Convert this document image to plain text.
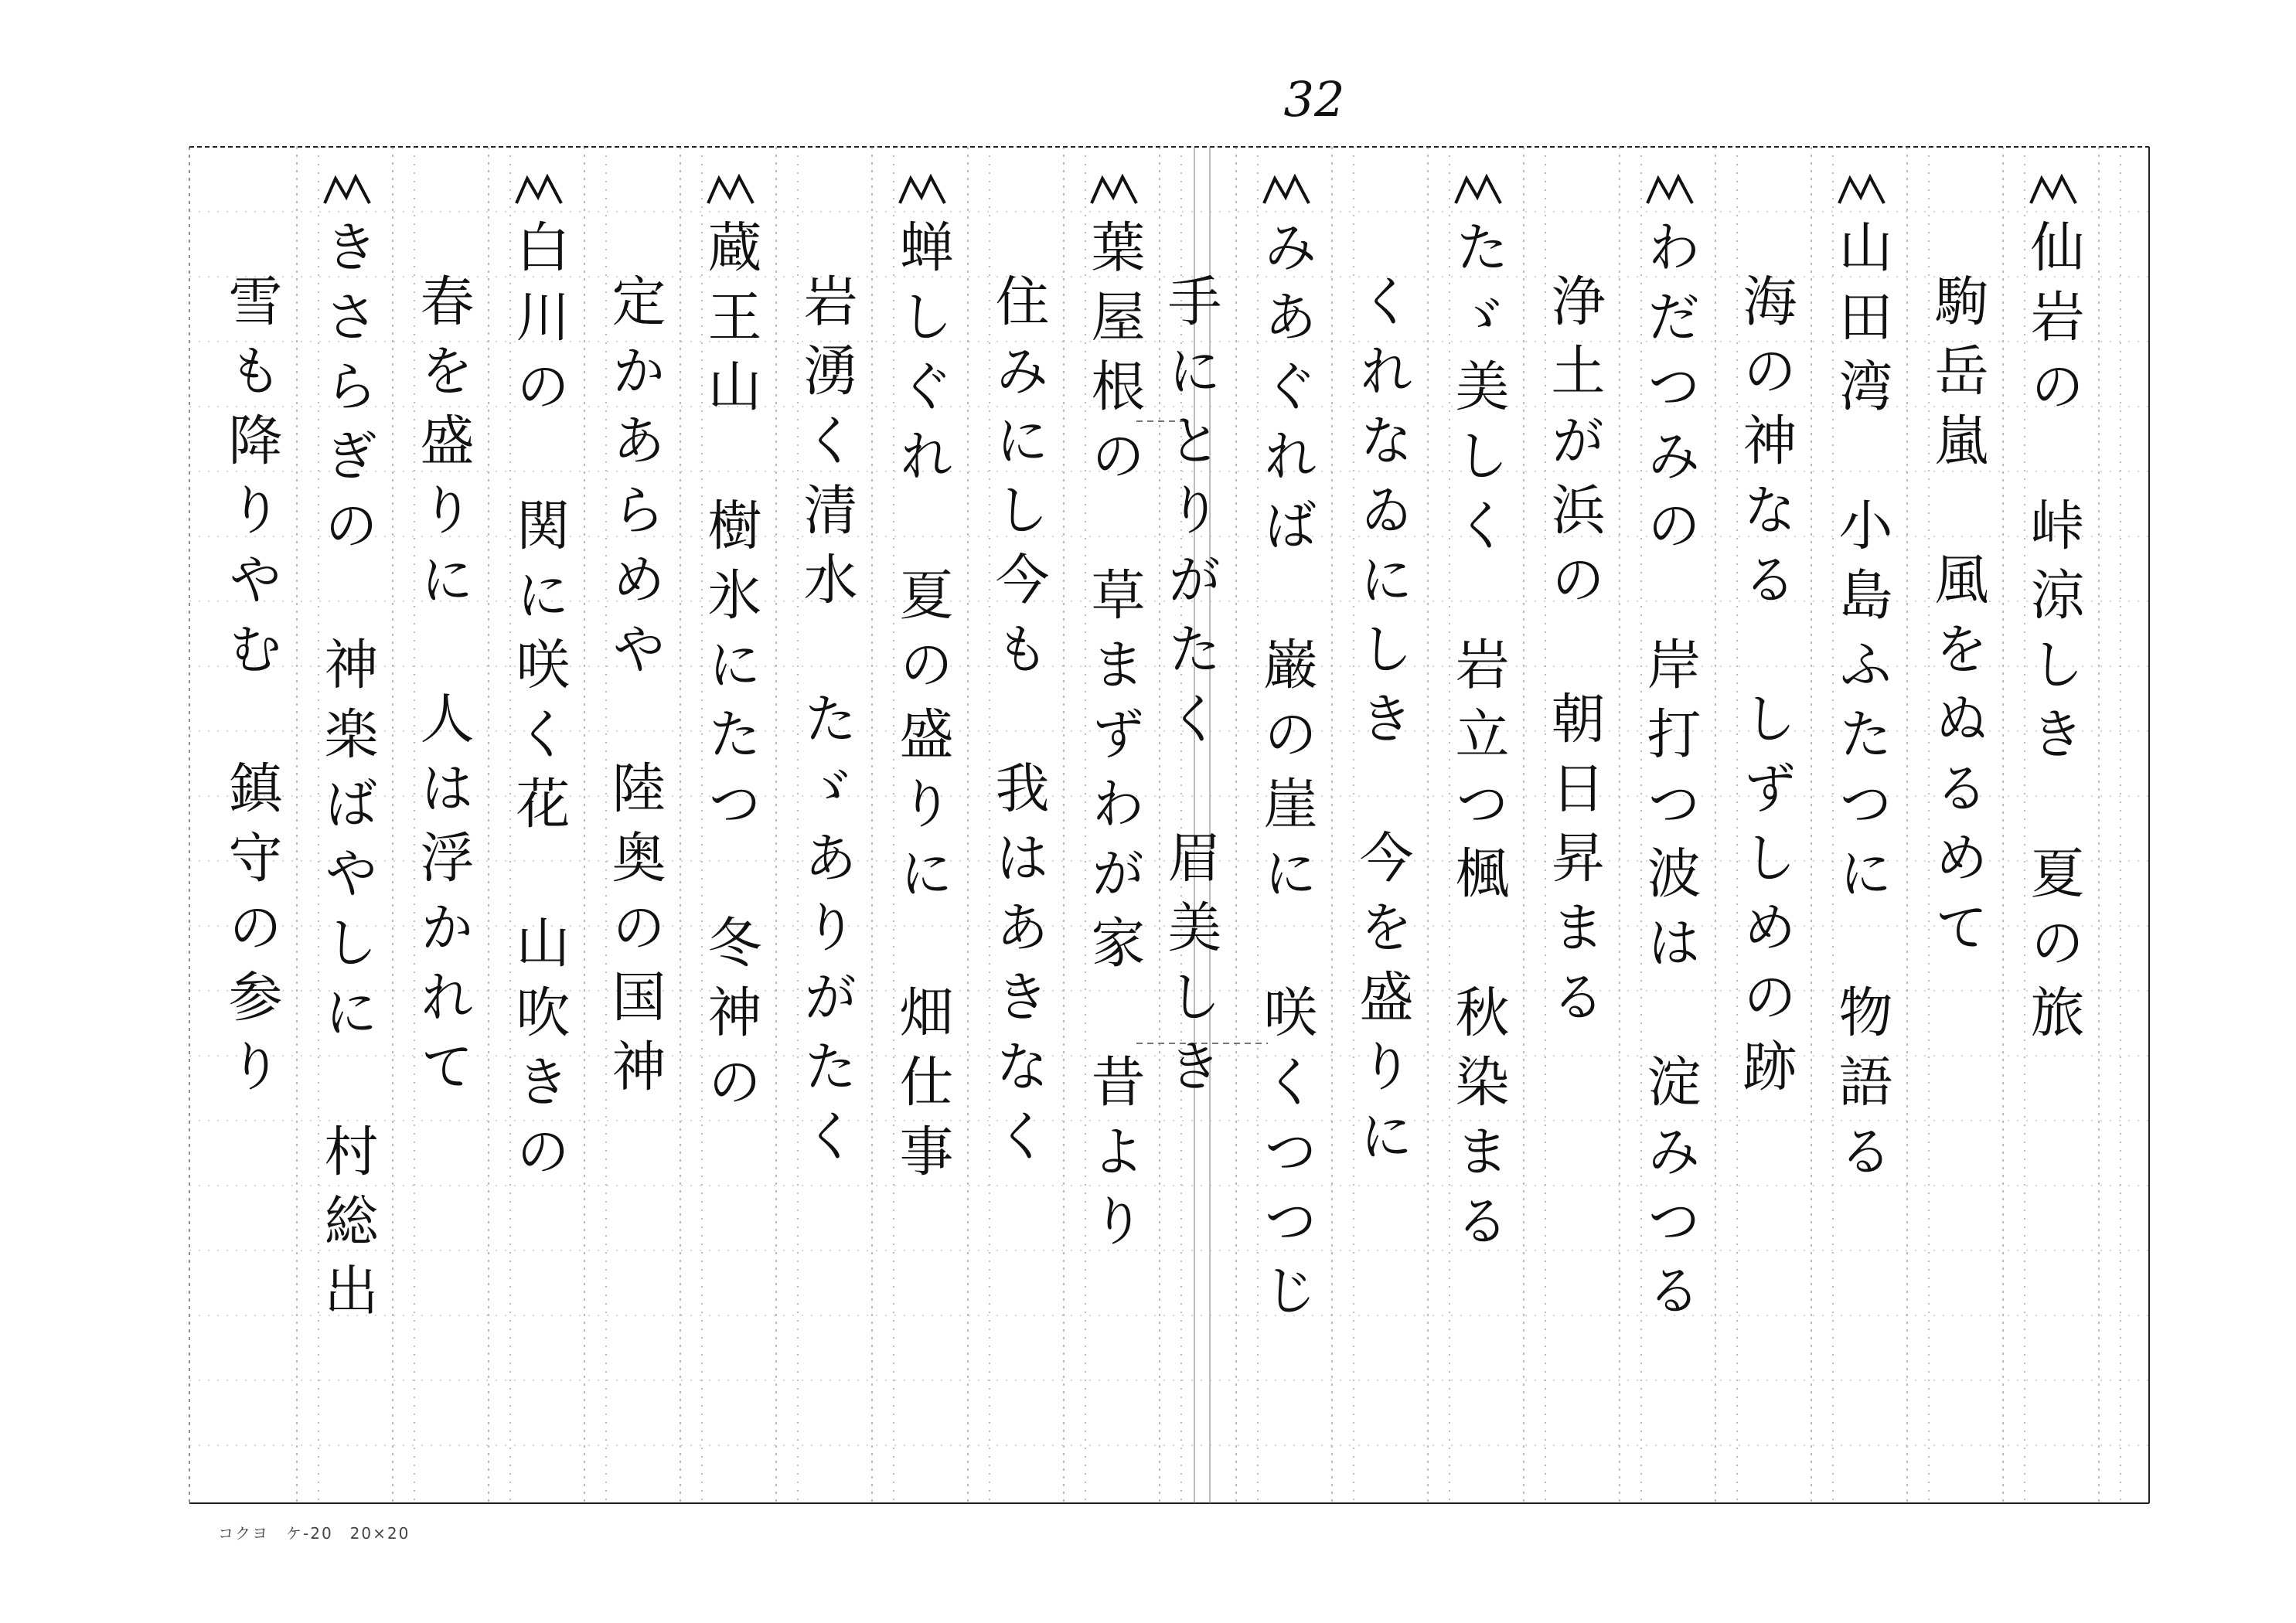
32
仙岩の　峠涼しき　夏の旅
駒岳嵐　風をぬるめて
山田湾　小島ふたつに　物語る
海の神なる　しずしめの跡
わだつみの　岸打つ波は　淀みつる
浄土が浜の　朝日昇まる
たゞ美しく　岩立つ楓　秋染まる
くれなゐにしき　今を盛りに
みあぐれば　巌の崖に　咲くつつじ
手にとりがたく　眉美しき
葉屋根の　草まずわが家　昔より
住みにし今も　我はあきなく
蝉しぐれ　夏の盛りに　畑仕事
岩湧く清水　たゞありがたく
蔵王山　樹氷にたつ　冬神の
定かあらめや　陸奥の国神
白川の　関に咲く花　山吹きの
春を盛りに　人は浮かれて
きさらぎの　神楽ばやしに　村総出
雪も降りやむ　鎮守の参り
コクヨ　ケ-20　20×20
